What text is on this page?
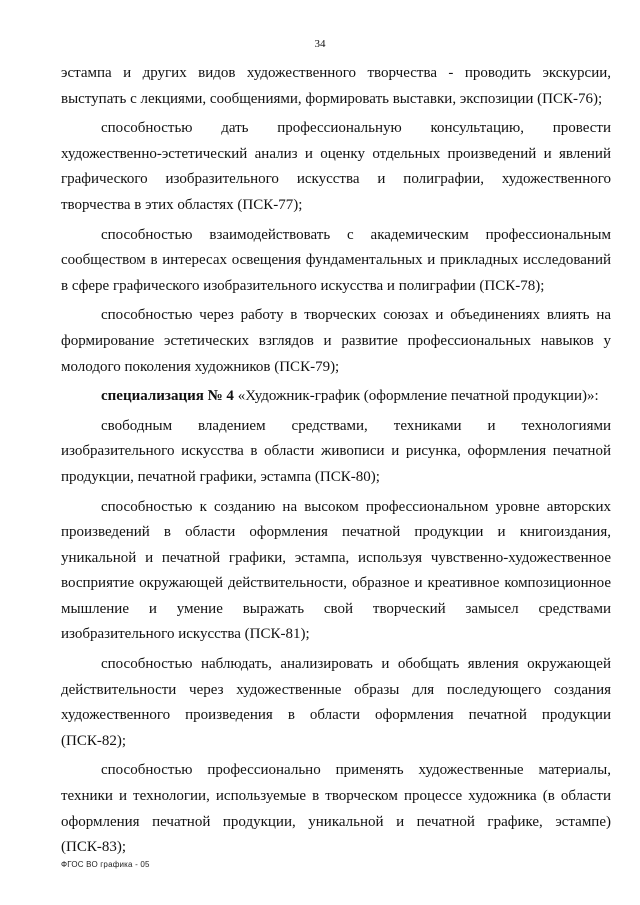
34

эстампа и других видов художественного творчества - проводить экскурсии, выступать с лекциями, сообщениями, формировать выставки, экспозиции (ПСК-76);

способностью дать профессиональную консультацию, провести художественно-эстетический анализ и оценку отдельных произведений и явлений графического изобразительного искусства и полиграфии, художественного творчества в этих областях (ПСК-77);

способностью взаимодействовать с академическим профессиональным сообществом в интересах освещения фундаментальных и прикладных исследований в сфере графического изобразительного искусства и полиграфии (ПСК-78);

способностью через работу в творческих союзах и объединениях влиять на формирование эстетических взглядов и развитие профессиональных навыков у молодого поколения художников (ПСК-79);

специализация № 4 «Художник-график (оформление печатной продукции)»:

свободным владением средствами, техниками и технологиями изобразительного искусства в области живописи и рисунка, оформления печатной продукции, печатной графики, эстампа (ПСК-80);

способностью к созданию на высоком профессиональном уровне авторских произведений в области оформления печатной продукции и книгоиздания, уникальной и печатной графики, эстампа, используя чувственно-художественное восприятие окружающей действительности, образное и креативное композиционное мышление и умение выражать свой творческий замысел средствами изобразительного искусства (ПСК-81);

способностью наблюдать, анализировать и обобщать явления окружающей действительности через художественные образы для последующего создания художественного произведения в области оформления печатной продукции (ПСК-82);

способностью профессионально применять художественные материалы, техники и технологии, используемые в творческом процессе художника (в области оформления печатной продукции, уникальной и печатной графике, эстампе) (ПСК-83);

ФГОС ВО графика - 05
